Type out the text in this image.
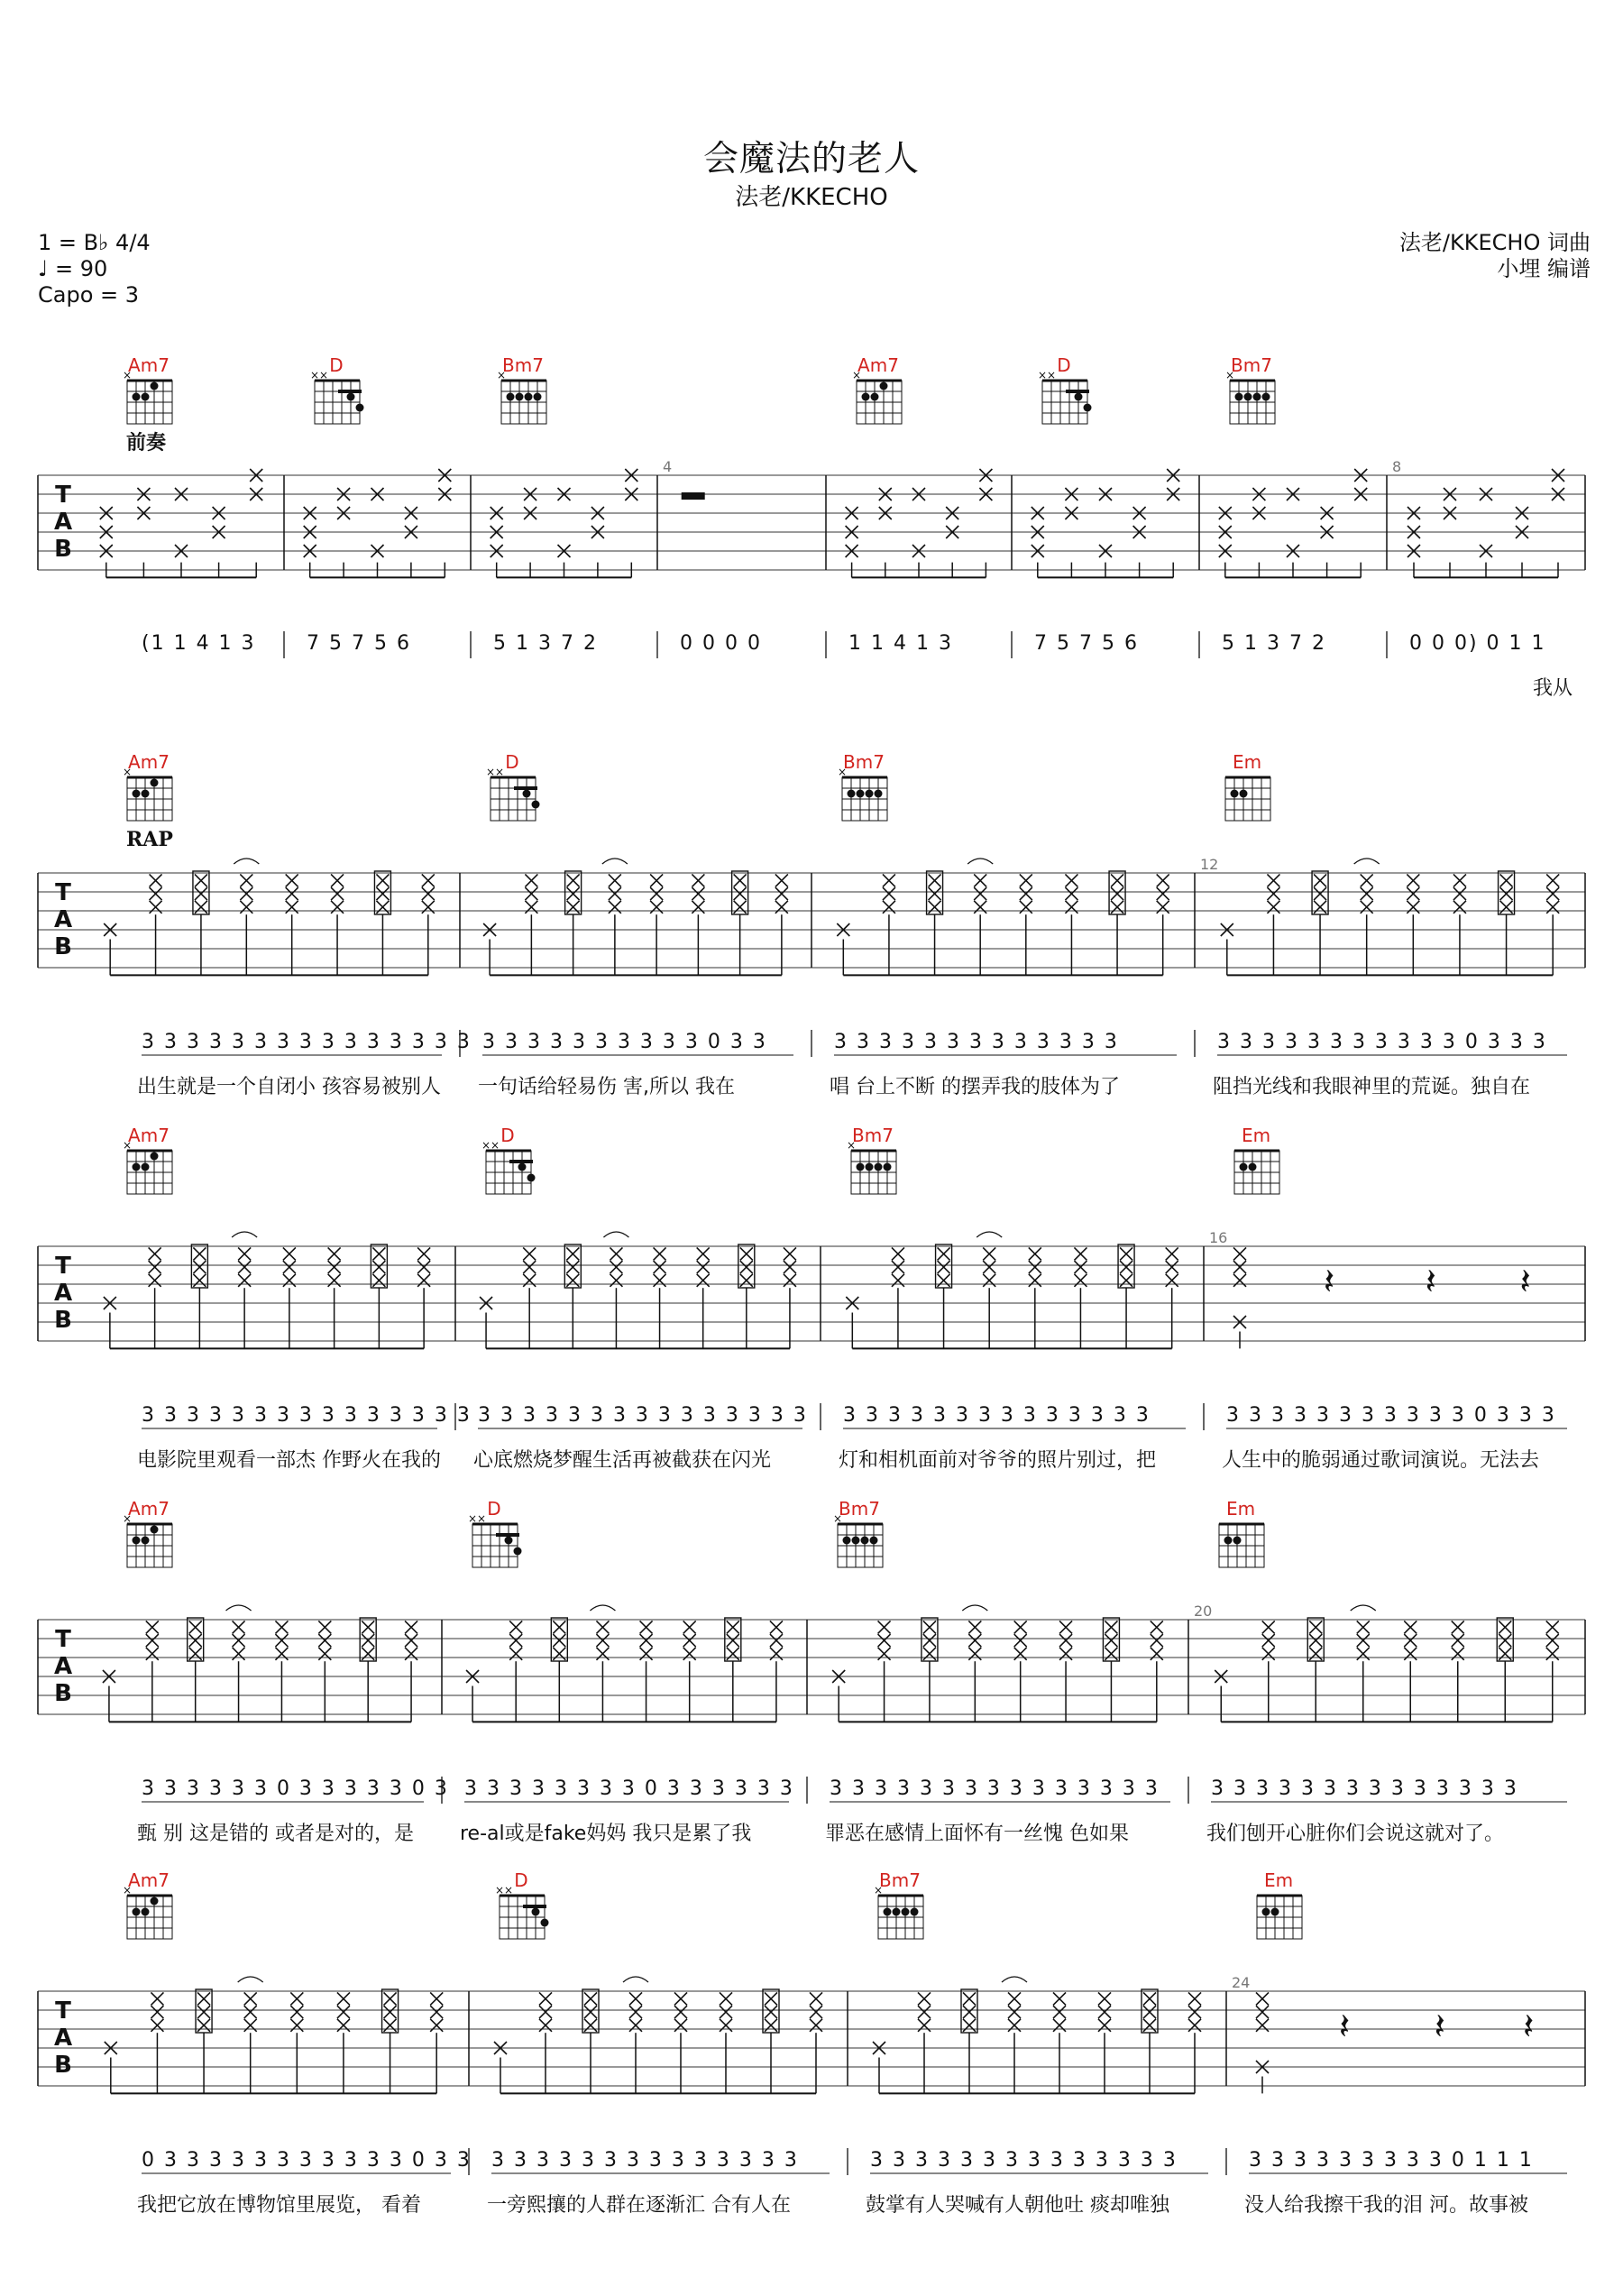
会魔法的老人
法老/KKECHO
1 = B♭ 4/4
♩ = 90
Capo = 3
法老/KKECHO 词曲
小埋 编谱
T
A
B
前奏
Am7
×
(1 1 4 1 3
D
× ×
7 5 7 5 6
Bm7
×
5 1 3 7 2	0 0 0 0
Am7
×
1 1 4 1 3
D
× ×
7 5 7 5 6
Bm7
×
5 1 3 7 2	0 0 0) 0 1 1
4	8
我从
T
A
B
RAP
Am7
×
3 3 3 3 3 3 3 3 3 3 3 3 3 3 3
出生就是一个自闭小 孩容易被别人
D
× ×
3 3 3 3 3 3 3 3 3 3 0 3 3
一句话给轻易伤 害,所以 我在
Bm7
×
3 3 3 3 3 3 3 3 3 3 3 3 3
唱 台上不断 的摆弄我的肢体为了
Em
3 3 3 3 3 3 3 3 3 3 3 0 3 3 3
阻挡光线和我眼神里的荒诞。独自在
12
T
A
B
Am7
×
3 3 3 3 3 3 3 3 3 3 3 3 3 3 3
电影院里观看一部杰 作野火在我的
D
× ×
3 3 3 3 3 3 3 3 3 3 3 3 3 3 3
心底燃烧梦醒生活再被截获在闪光
Bm7
×
3 3 3 3 3 3 3 3 3 3 3 3 3 3
灯和相机面前对爷爷的照片别过，把
Em
𝄽	𝄽 𝄽
3 3 3 3 3 3 3 3 3 3 3 0 3 3 3
人生中的脆弱通过歌词演说。无法去
16
T
A
B
Am7
×
3 3 3 3 3 3 0 3 3 3 3 3 0 3
甄 别 这是错的 或者是对的，是
D
× ×
3 3 3 3 3 3 3 3 0 3 3 3 3 3 3
re-al或是fake妈妈 我只是累了我
Bm7
×
3 3 3 3 3 3 3 3 3 3 3 3 3 3 3
罪恶在感情上面怀有一丝愧 色如果
Em
3 3 3 3 3 3 3 3 3 3 3 3 3 3
我们刨开心脏你们会说这就对了。
20
T
A
B
Am7
×
0 3 3 3 3 3 3 3 3 3 3 3 0 3 3
我把它放在博物馆里展览， 看着
D
× ×
3 3 3 3 3 3 3 3 3 3 3 3 3 3
一旁熙攘的人群在逐渐汇 合有人在
Bm7
×
3 3 3 3 3 3 3 3 3 3 3 3 3 3
鼓掌有人哭喊有人朝他吐 痰却唯独
Em
𝄽 𝄽 𝄽
3 3 3 3 3 3 3 3 3 0 1 1 1
没人给我擦干我的泪 河。故事被
24
